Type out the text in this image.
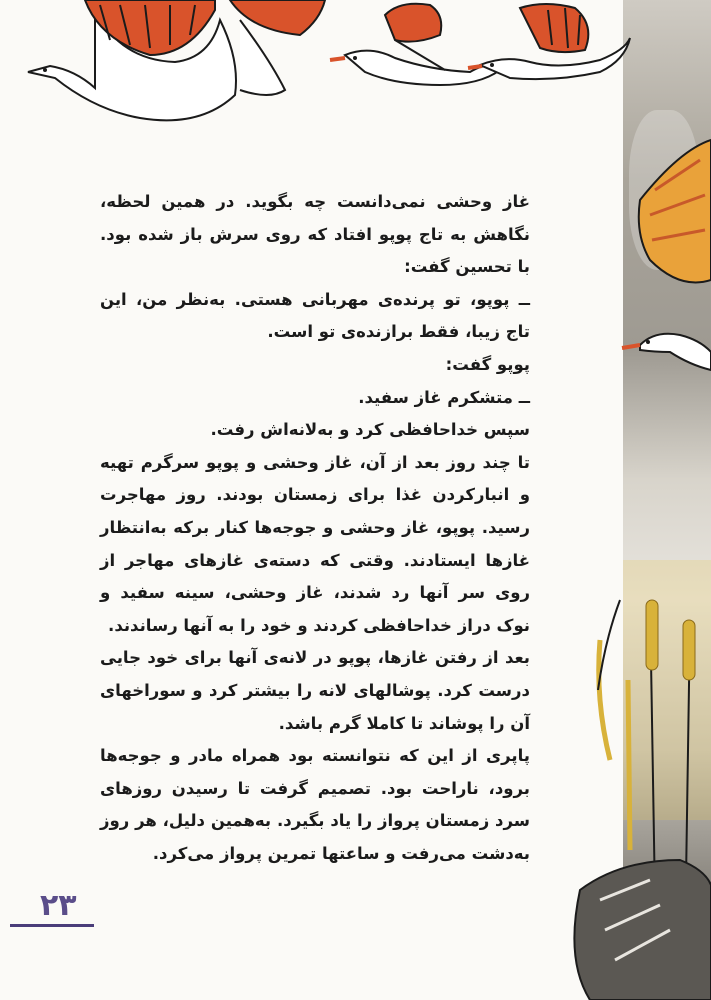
غاز وحشی نمی‌دانست چه بگوید. در همین لحظه، نگاهش به تاج پوپو افتاد که روی سرش باز شده بود. با تحسین گفت:

ــ پوپو، تو پرنده‌ی مهربانی هستی. به‌نظر من، این تاج زیبا، فقط برازنده‌ی تو است.

پوپو گفت:

ــ متشکرم غاز سفید.

سپس خداحافظی کرد و به‌لانه‌اش رفت.

تا چند روز بعد از آن، غاز وحشی و پوپو سرگرم تهیه و انبارکردن غذا برای زمستان بودند. روز مهاجرت رسید. پوپو، غاز وحشی و جوجه‌ها کنار برکه به‌انتظار غازها ایستادند. وقتی که دسته‌ی غازهای مهاجر از روی سر آنها رد شدند، غاز وحشی، سینه سفید و نوک دراز خداحافظی کردند و خود را به آنها رساندند.

بعد از رفتن غازها، پوپو در لانه‌ی آنها برای خود جایی درست کرد. پوشالهای لانه را بیشتر کرد و سوراخهای آن را پوشاند تا کاملا گرم باشد.

پاپری از این که نتوانسته بود همراه مادر و جوجه‌ها برود، ناراحت بود. تصمیم گرفت تا رسیدن روزهای سرد زمستان پرواز را یاد بگیرد. به‌همین دلیل، هر روز به‌دشت می‌رفت و ساعتها تمرین پرواز می‌کرد.

۲۳
